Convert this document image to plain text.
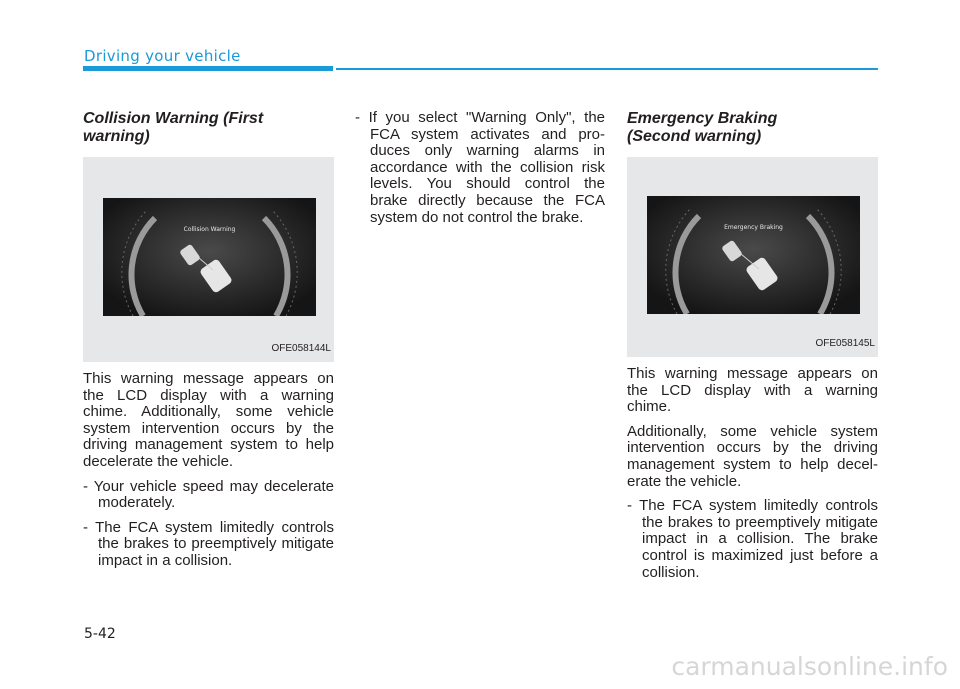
Driving your vehicle
Collision Warning (First warning)
Collision Warning
OFE058144L

This warning message appears on the LCD display with a warning chime. Additionally, some vehicle system intervention occurs by the driving management system to help decelerate the vehicle.

- Your vehicle speed may decelerate moderately.
- The FCA system limitedly controls the brakes to preemptively mitigate impact in a collision.
- If you select "Warning Only", the FCA system activates and pro-duces only warning alarms in accordance with the collision risk levels. You should control the brake directly because the FCA system do not control the brake.
Emergency Braking
(Second warning)
Emergency Braking
OFE058145L

This warning message appears on the LCD display with a warning chime.

Additionally, some vehicle system intervention occurs by the driving management system to help decel-erate the vehicle.

- The FCA system limitedly controls the brakes to preemptively mitigate impact in a collision. The brake control is maximized just before a collision.
5-42
carmanualsonline.info
